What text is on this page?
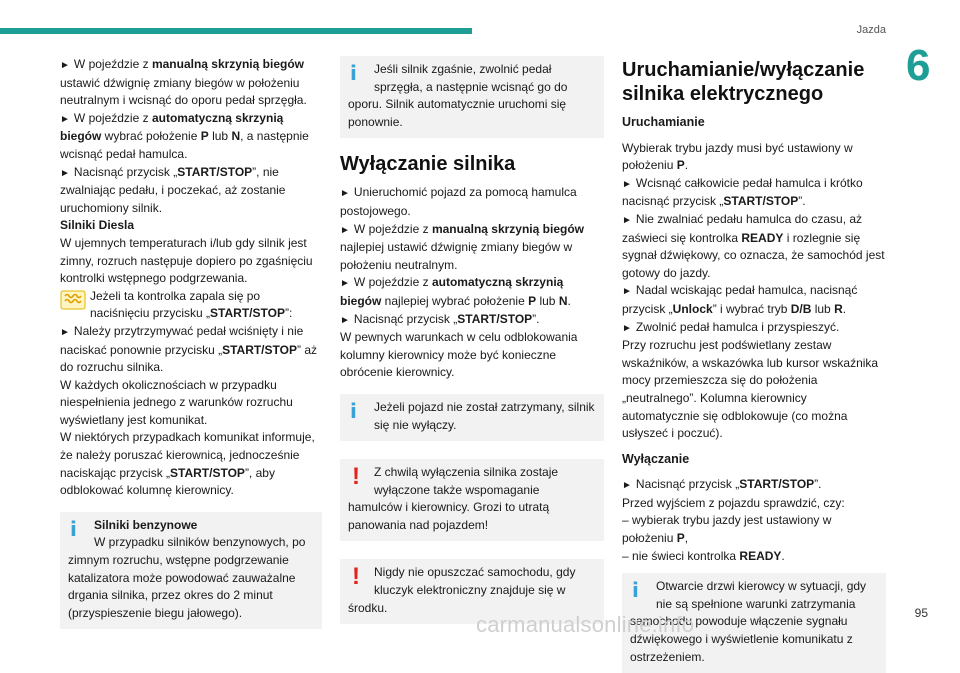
Jazda
6

► W pojeździe z manualną skrzynią biegów ustawić dźwignię zmiany biegów w położeniu neutralnym i wcisnąć do oporu pedał sprzęgła.

► W pojeździe z automatyczną skrzynią biegów wybrać położenie P lub N, a następnie wcisnąć pedał hamulca.

► Nacisnąć przycisk „START/STOP”, nie zwalniając pedału, i poczekać, aż zostanie uruchomiony silnik.

Silniki Diesla

W ujemnych temperaturach i/lub gdy silnik jest zimny, rozruch następuje dopiero po zgaśnięciu kontrolki wstępnego podgrzewania.

Jeżeli ta kontrolka zapala się po naciśnięciu przycisku „START/STOP”:

► Należy przytrzymywać pedał wciśnięty i nie naciskać ponownie przycisku „START/STOP” aż do rozruchu silnika.

W każdych okolicznościach w przypadku niespełnienia jednego z warunków rozruchu wyświetlany jest komunikat.

W niektórych przypadkach komunikat informuje, że należy poruszać kierownicą, jednocześnie naciskając przycisk „START/STOP”, aby odblokować kolumnę kierownicy.

i	Silniki benzynowe

W przypadku silników benzynowych, po zimnym rozruchu, wstępne podgrzewanie katalizatora może powodować zauważalne drgania silnika, przez okres do 2 minut (przyspieszenie biegu jałowego).

i	Jeśli silnik zgaśnie, zwolnić pedał sprzęgła, a następnie wcisnąć go do oporu. Silnik automatycznie uruchomi się ponownie.

Wyłączanie silnika

► Unieruchomić pojazd za pomocą hamulca postojowego.

► W pojeździe z manualną skrzynią biegów najlepiej ustawić dźwignię zmiany biegów w położeniu neutralnym.

► W pojeździe z automatyczną skrzynią biegów najlepiej wybrać położenie P lub N.

► Nacisnąć przycisk „START/STOP”.

W pewnych warunkach w celu odblokowania kolumny kierownicy może być konieczne obrócenie kierownicy.

i	Jeżeli pojazd nie został zatrzymany, silnik się nie wyłączy.

!	Z chwilą wyłączenia silnika zostaje wyłączone także wspomaganie hamulców i kierownicy. Grozi to utratą panowania nad pojazdem!

!	Nigdy nie opuszczać samochodu, gdy kluczyk elektroniczny znajduje się w środku.

Uruchamianie/wyłączanie silnika elektrycznego
Uruchamianie

Wybierak trybu jazdy musi być ustawiony w położeniu P.

► Wcisnąć całkowicie pedał hamulca i krótko nacisnąć przycisk „START/STOP”.

► Nie zwalniać pedału hamulca do czasu, aż zaświeci się kontrolka READY i rozlegnie się sygnał dźwiękowy, co oznacza, że samochód jest gotowy do jazdy.

► Nadal wciskając pedał hamulca, nacisnąć przycisk „Unlock” i wybrać tryb D/B lub R.

► Zwolnić pedał hamulca i przyspieszyć.

Przy rozruchu jest podświetlany zestaw wskaźników, a wskazówka lub kursor wskaźnika mocy przemieszcza się do położenia „neutralnego”. Kolumna kierownicy automatycznie się odblokowuje (co można usłyszeć i poczuć).

Wyłączanie

► Nacisnąć przycisk „START/STOP”.

Przed wyjściem z pojazdu sprawdzić, czy:

– wybierak trybu jazdy jest ustawiony w położeniu P,

– nie świeci kontrolka READY.

i	Otwarcie drzwi kierowcy w sytuacji, gdy nie są spełnione warunki zatrzymania samochodu powoduje włączenie sygnału dźwiękowego i wyświetlenie komunikatu z ostrzeżeniem.

carmanualsonline.info	95
